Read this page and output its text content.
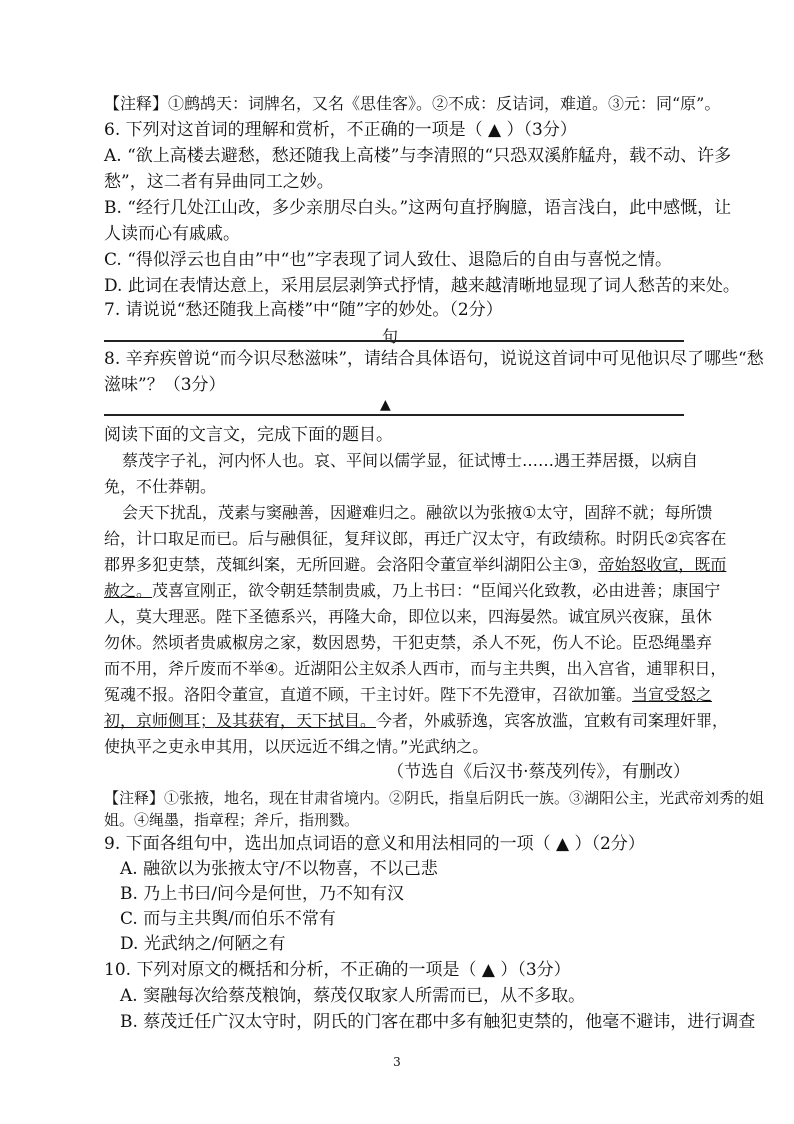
【注释】①鹧鸪天：词牌名，又名《思佳客》。②不成：反诘词，难道。③元：同“原”。
6. 下列对这首词的理解和赏析，不正确的一项是（ ▲ ）（3分）
A. “欲上高楼去避愁，愁还随我上高楼”与李清照的“只恐双溪舴艋舟，载不动、许多
愁”，这二者有异曲同工之妙。
B. “经行几处江山改，多少亲朋尽白头。”这两句直抒胸臆，语言浅白，此中感慨，让
人读而心有戚戚。
C. “得似浮云也自由”中“也”字表现了词人致仕、退隐后的自由与喜悦之情。
D. 此词在表情达意上，采用层层剥笋式抒情，越来越清晰地显现了词人愁苦的来处。
7. 请说说“愁还随我上高楼”中“随”字的妙处。（2分）
句
8. 辛弃疾曾说“而今识尽愁滋味”，请结合具体语句，说说这首词中可见他识尽了哪些“愁
滋味”？（3分）
▲
阅读下面的文言文，完成下面的题目。
蔡茂字子礼，河内怀人也。哀、平间以儒学显，征试博士……遇王莽居摄，以病自
免，不仕莽朝。
会天下扰乱，茂素与窦融善，因避难归之。融欲以为张掖①太守，固辞不就；每所馈
给，计口取足而已。后与融俱征，复拜议郎，再迁广汉太守，有政绩称。时阴氏②宾客在
郡界多犯吏禁，茂辄纠案，无所回避。会洛阳令董宣举纠湖阳公主③，帝始怒收宣，既而
赦之。茂喜宣刚正，欲令朝廷禁制贵戚，乃上书曰：“臣闻兴化致教，必由进善；康国宁
人，莫大理恶。陛下圣德系兴，再隆大命，即位以来，四海晏然。诚宜夙兴夜寐，虽休
勿休。然顷者贵戚椒房之家，数因恩势，干犯吏禁，杀人不死，伤人不论。臣恐绳墨弃
而不用，斧斤废而不举④。近湖阳公主奴杀人西市，而与主共舆，出入宫省，逋罪积日，
冤魂不报。洛阳令董宣，直道不顾，干主讨奸。陛下不先澄审，召欲加箠。当宣受怒之
初，京师侧耳；及其获宥，天下拭目。今者，外戚骄逸，宾客放滥，宜敕有司案理奸罪，
使执平之吏永申其用，以厌远近不缉之情。”光武纳之。
（节选自《后汉书·蔡茂列传》，有删改）
【注释】①张掖，地名，现在甘肃省境内。②阴氏，指皇后阴氏一族。③湖阳公主，光武帝刘秀的姐
姐。④绳墨，指章程；斧斤，指刑戮。
9. 下面各组句中，选出加点词语的意义和用法相同的一项（ ▲ ）（2分）
A. 融欲以为张掖太守/不以物喜，不以己悲
B. 乃上书曰/问今是何世，乃不知有汉
C. 而与主共舆/而伯乐不常有
D. 光武纳之/何陋之有
10. 下列对原文的概括和分析，不正确的一项是（ ▲ ）（3分）
A. 窦融每次给蔡茂粮饷，蔡茂仅取家人所需而已，从不多取。
B. 蔡茂迁任广汉太守时，阴氏的门客在郡中多有触犯吏禁的，他毫不避讳，进行调查
3
